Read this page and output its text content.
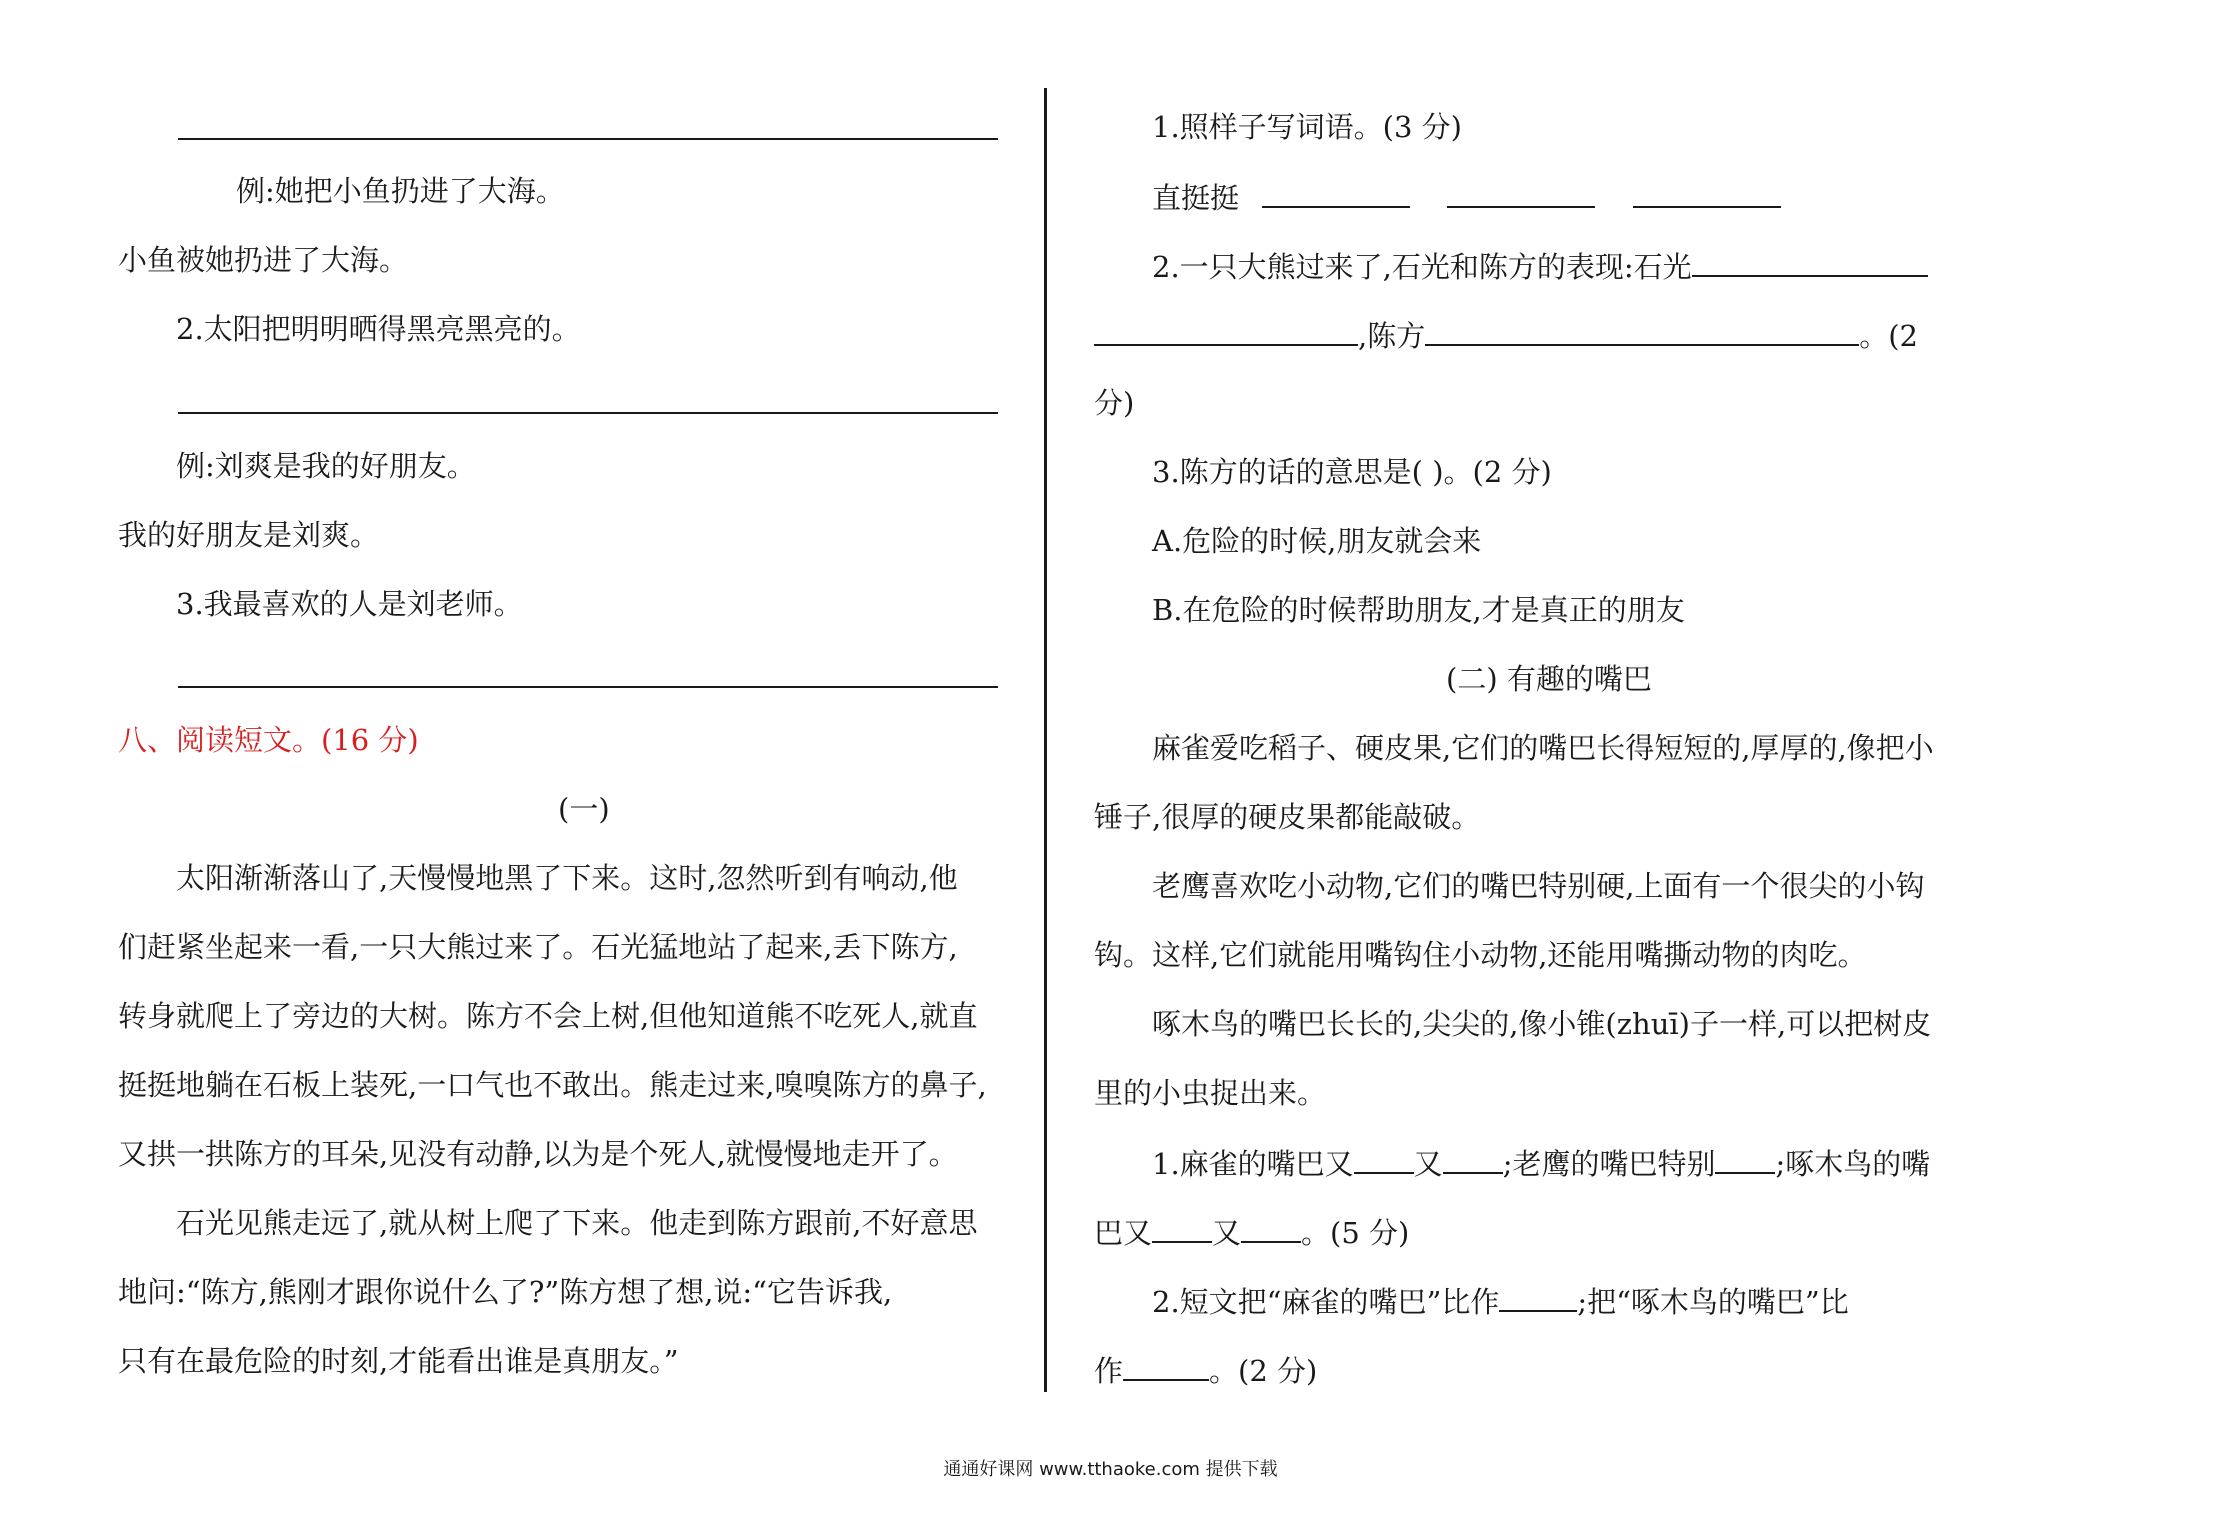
例:她把小鱼扔进了大海。
小鱼被她扔进了大海。
2.太阳把明明晒得黑亮黑亮的。
例:刘爽是我的好朋友。
我的好朋友是刘爽。
3.我最喜欢的人是刘老师。
八、阅读短文。(16 分)
(一)
太阳渐渐落山了,天慢慢地黑了下来。这时,忽然听到有响动,他
们赶紧坐起来一看,一只大熊过来了。石光猛地站了起来,丢下陈方,
转身就爬上了旁边的大树。陈方不会上树,但他知道熊不吃死人,就直
挺挺地躺在石板上装死,一口气也不敢出。熊走过来,嗅嗅陈方的鼻子,
又拱一拱陈方的耳朵,见没有动静,以为是个死人,就慢慢地走开了。
石光见熊走远了,就从树上爬了下来。他走到陈方跟前,不好意思
地问:“陈方,熊刚才跟你说什么了?”陈方想了想,说:“它告诉我,
只有在最危险的时刻,才能看出谁是真朋友。”
1.照样子写词语。(3 分)
直挺挺
2.一只大熊过来了,石光和陈方的表现:石光
,陈方	。(2
分)
3.陈方的话的意思是( )。(2 分)
A.危险的时候,朋友就会来
B.在危险的时候帮助朋友,才是真正的朋友
(二) 有趣的嘴巴
麻雀爱吃稻子、硬皮果,它们的嘴巴长得短短的,厚厚的,像把小
锤子,很厚的硬皮果都能敲破。
老鹰喜欢吃小动物,它们的嘴巴特别硬,上面有一个很尖的小钩
钩。这样,它们就能用嘴钩住小动物,还能用嘴撕动物的肉吃。
啄木鸟的嘴巴长长的,尖尖的,像小锥(zhuī)子一样,可以把树皮
里的小虫捉出来。
1.麻雀的嘴巴又 又 ;老鹰的嘴巴特别 ;啄木鸟的嘴
巴又 又 。(5 分)
2.短文把“麻雀的嘴巴”比作	;把“啄木鸟的嘴巴”比
作	。(2 分)
通通好课网 www.tthaoke.com 提供下载
